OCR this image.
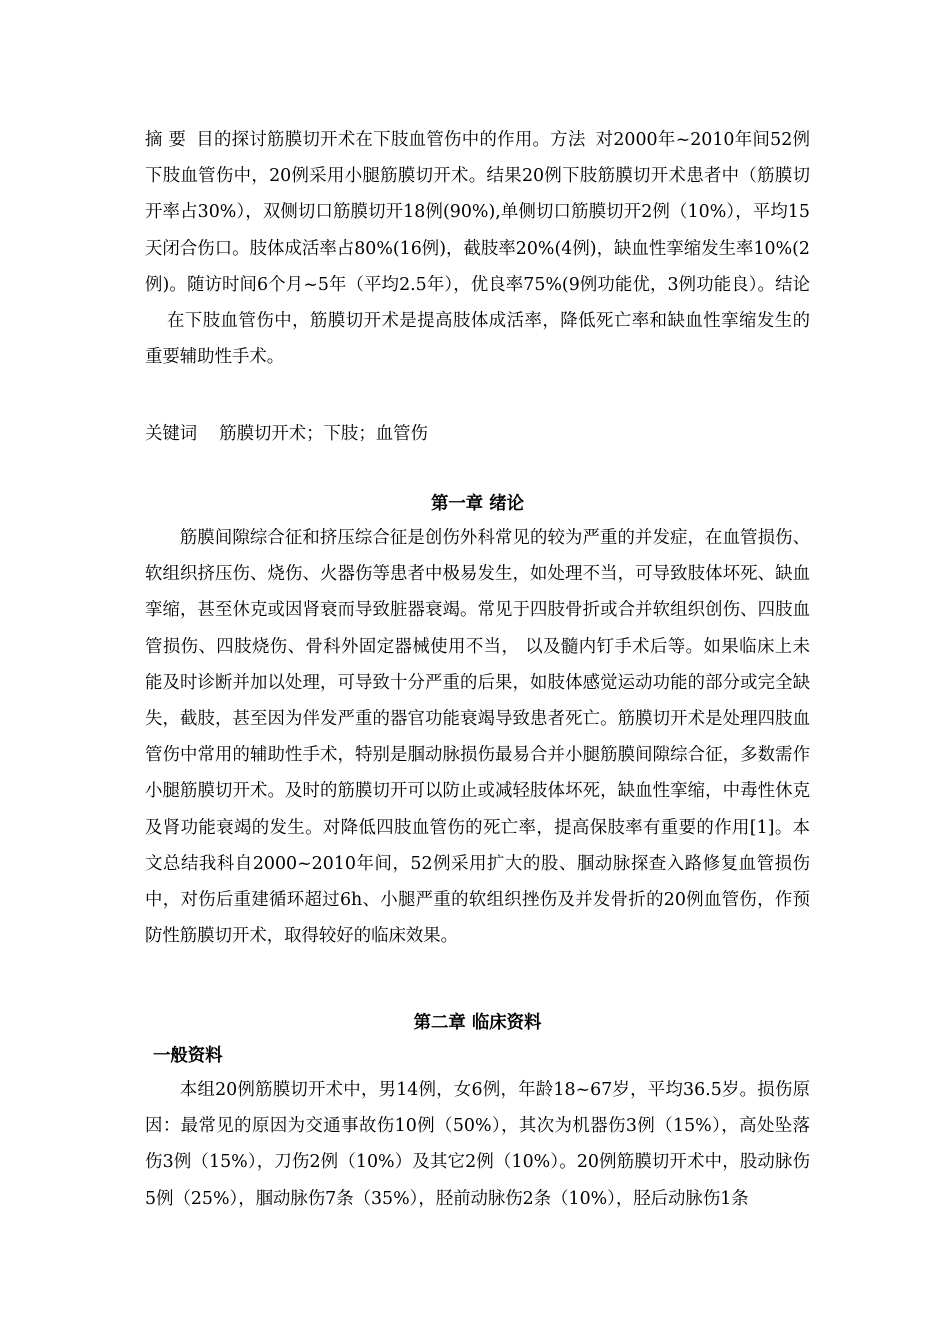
摘 要 目的探讨筋膜切开术在下肢血管伤中的作用。方法 对2000年~2010年间52例下肢血管伤中，20例采用小腿筋膜切开术。结果20例下肢筋膜切开术患者中（筋膜切开率占30%），双侧切口筋膜切开18例(90%),单侧切口筋膜切开2例（10%），平均15天闭合伤口。肢体成活率占80%(16例)，截肢率20%(4例)，缺血性挛缩发生率10%(2例)。随访时间6个月~5年（平均2.5年），优良率75%(9例功能优，3例功能良）。结论在下肢血管伤中，筋膜切开术是提高肢体成活率，降低死亡率和缺血性挛缩发生的重要辅助性手术。

关键词 筋膜切开术；下肢；血管伤

第一章 绪论

筋膜间隙综合征和挤压综合征是创伤外科常见的较为严重的并发症，在血管损伤、软组织挤压伤、烧伤、火器伤等患者中极易发生，如处理不当，可导致肢体坏死、缺血挛缩，甚至休克或因肾衰而导致脏器衰竭。常见于四肢骨折或合并软组织创伤、四肢血管损伤、四肢烧伤、骨科外固定器械使用不当， 以及髓内钉手术后等。如果临床上未能及时诊断并加以处理，可导致十分严重的后果，如肢体感觉运动功能的部分或完全缺失，截肢，甚至因为伴发严重的器官功能衰竭导致患者死亡。筋膜切开术是处理四肢血管伤中常用的辅助性手术，特别是腘动脉损伤最易合并小腿筋膜间隙综合征，多数需作小腿筋膜切开术。及时的筋膜切开可以防止或减轻肢体坏死，缺血性挛缩，中毒性休克及肾功能衰竭的发生。对降低四肢血管伤的死亡率，提高保肢率有重要的作用[1]。本文总结我科自2000~2010年间，52例采用扩大的股、腘动脉探查入路修复血管损伤中，对伤后重建循环超过6h、小腿严重的软组织挫伤及并发骨折的20例血管伤，作预防性筋膜切开术，取得较好的临床效果。

第二章 临床资料
一般资料

本组20例筋膜切开术中，男14例，女6例，年龄18~67岁，平均36.5岁。损伤原因：最常见的原因为交通事故伤10例（50%），其次为机器伤3例（15%），高处坠落伤3例（15%），刀伤2例（10%）及其它2例（10%）。20例筋膜切开术中，股动脉伤5例（25%），腘动脉伤7条（35%），胫前动脉伤2条（10%），胫后动脉伤1条
